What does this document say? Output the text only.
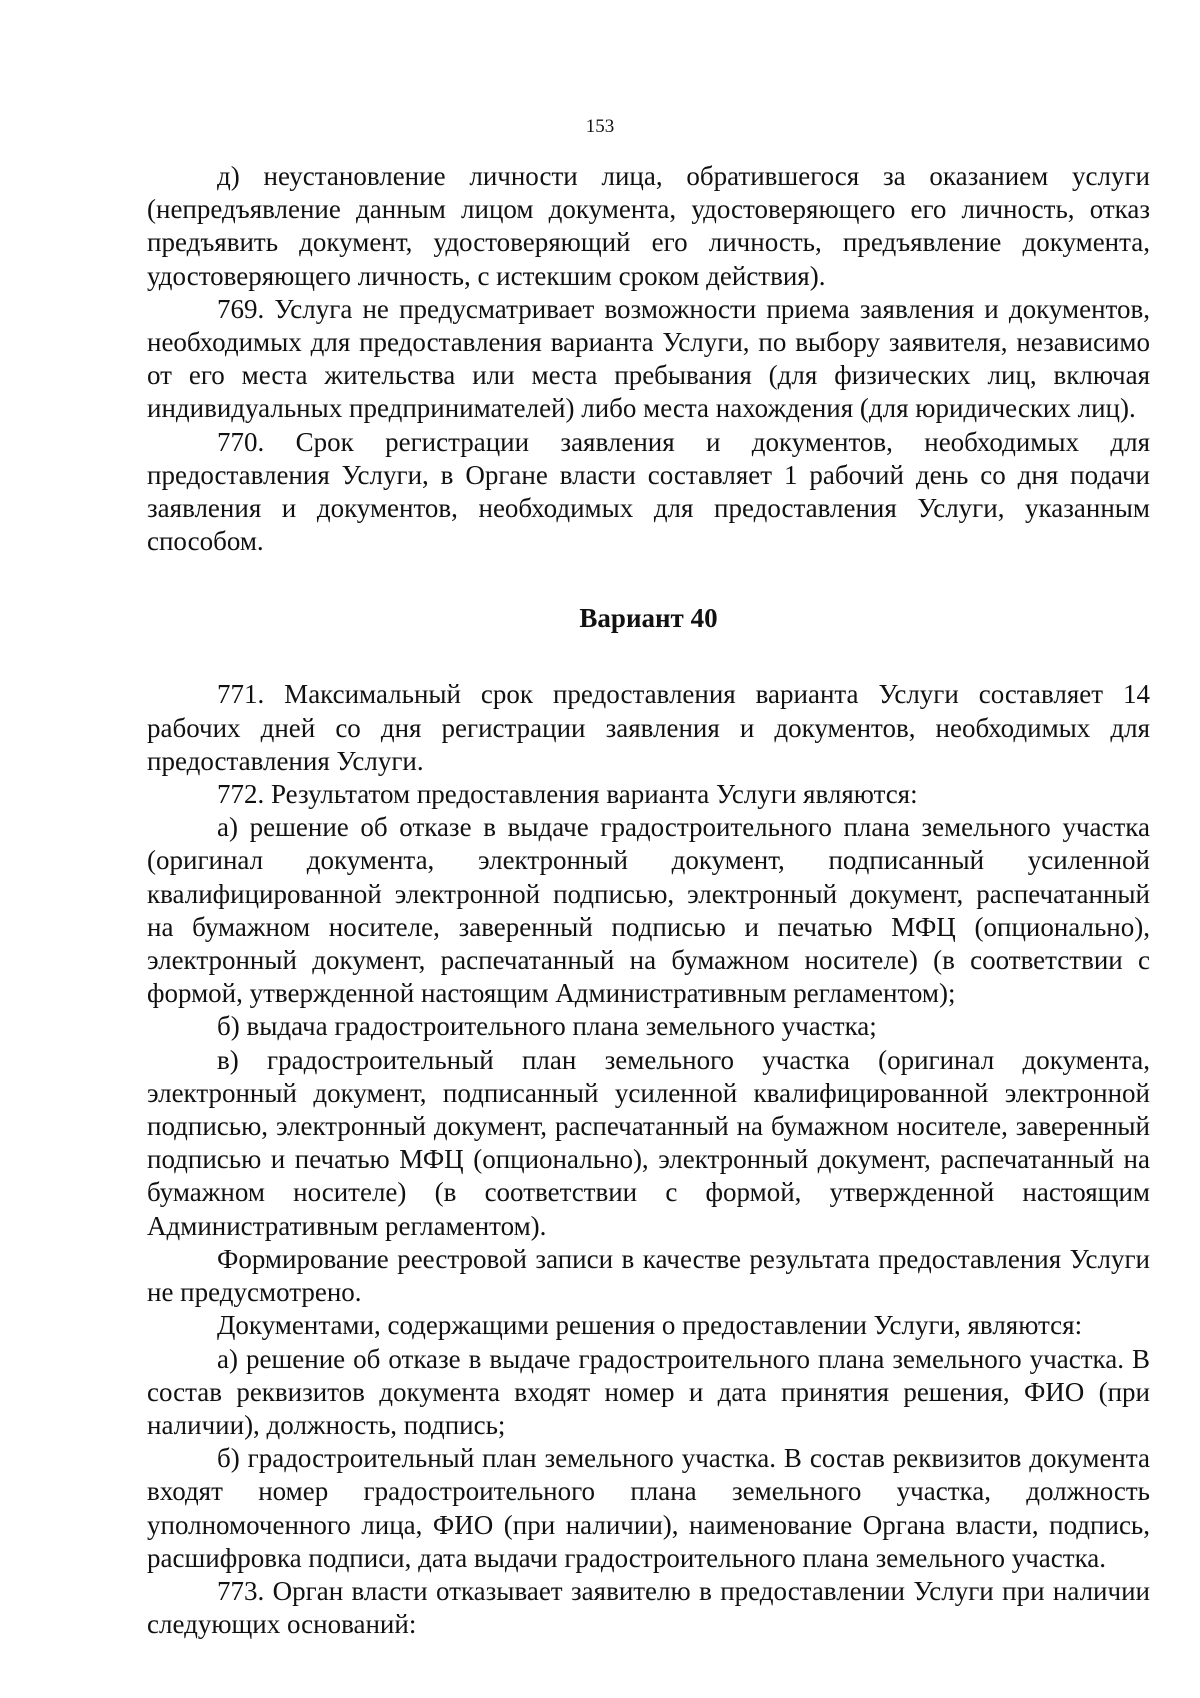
153

д) неустановление личности лица, обратившегося за оказанием услуги (непредъявление данным лицом документа, удостоверяющего его личность, отказ предъявить документ, удостоверяющий его личность, предъявление документа, удостоверяющего личность, с истекшим сроком действия).

769. Услуга не предусматривает возможности приема заявления и документов, необходимых для предоставления варианта Услуги, по выбору заявителя, независимо от его места жительства или места пребывания (для физических лиц, включая индивидуальных предпринимателей) либо места нахождения (для юридических лиц).

770. Срок регистрации заявления и документов, необходимых для предоставления Услуги, в Органе власти составляет 1 рабочий день со дня подачи заявления и документов, необходимых для предоставления Услуги, указанным способом.

Вариант 40

771. Максимальный срок предоставления варианта Услуги составляет 14 рабочих дней со дня регистрации заявления и документов, необходимых для предоставления Услуги.

772. Результатом предоставления варианта Услуги являются:

а) решение об отказе в выдаче градостроительного плана земельного участка (оригинал документа, электронный документ, подписанный усиленной квалифицированной электронной подписью, электронный документ, распечатанный на бумажном носителе, заверенный подписью и печатью МФЦ (опционально), электронный документ, распечатанный на бумажном носителе) (в соответствии с формой, утвержденной настоящим Административным регламентом);

б) выдача градостроительного плана земельного участка;

в) градостроительный план земельного участка (оригинал документа, электронный документ, подписанный усиленной квалифицированной электронной подписью, электронный документ, распечатанный на бумажном носителе, заверенный подписью и печатью МФЦ (опционально), электронный документ, распечатанный на бумажном носителе) (в соответствии с формой, утвержденной настоящим Административным регламентом).

Формирование реестровой записи в качестве результата предоставления Услуги не предусмотрено.

Документами, содержащими решения о предоставлении Услуги, являются:

а) решение об отказе в выдаче градостроительного плана земельного участка. В состав реквизитов документа входят номер и дата принятия решения, ФИО (при наличии), должность, подпись;

б) градостроительный план земельного участка. В состав реквизитов документа входят номер градостроительного плана земельного участка, должность уполномоченного лица, ФИО (при наличии), наименование Органа власти, подпись, расшифровка подписи, дата выдачи градостроительного плана земельного участка.

773. Орган власти отказывает заявителю в предоставлении Услуги при наличии следующих оснований:
